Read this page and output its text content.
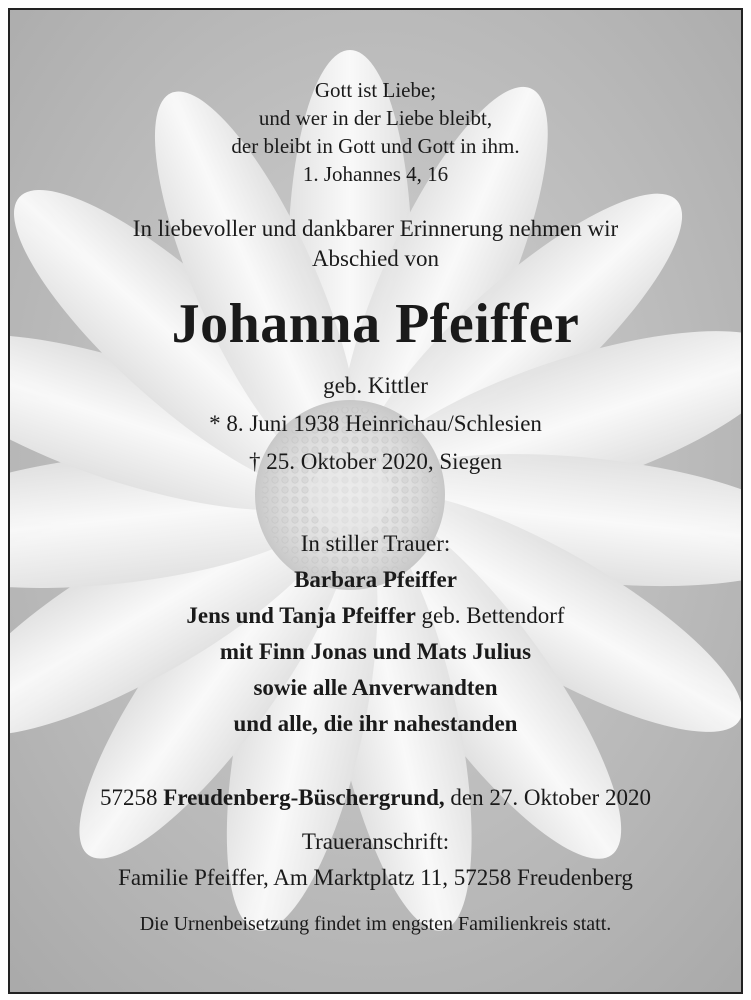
Gott ist Liebe;
und wer in der Liebe bleibt,
der bleibt in Gott und Gott in ihm.
1. Johannes 4, 16
In liebevoller und dankbarer Erinnerung nehmen wir
Abschied von
Johanna Pfeiffer
geb. Kittler
* 8. Juni 1938 Heinrichau/Schlesien
† 25. Oktober 2020, Siegen
In stiller Trauer:
Barbara Pfeiffer
Jens und Tanja Pfeiffer geb. Bettendorf
mit Finn Jonas und Mats Julius
sowie alle Anverwandten
und alle, die ihr nahestanden
57258 Freudenberg-Büschergrund, den 27. Oktober 2020
Traueranschrift:
Familie Pfeiffer, Am Marktplatz 11, 57258 Freudenberg
Die Urnenbeisetzung findet im engsten Familienkreis statt.
